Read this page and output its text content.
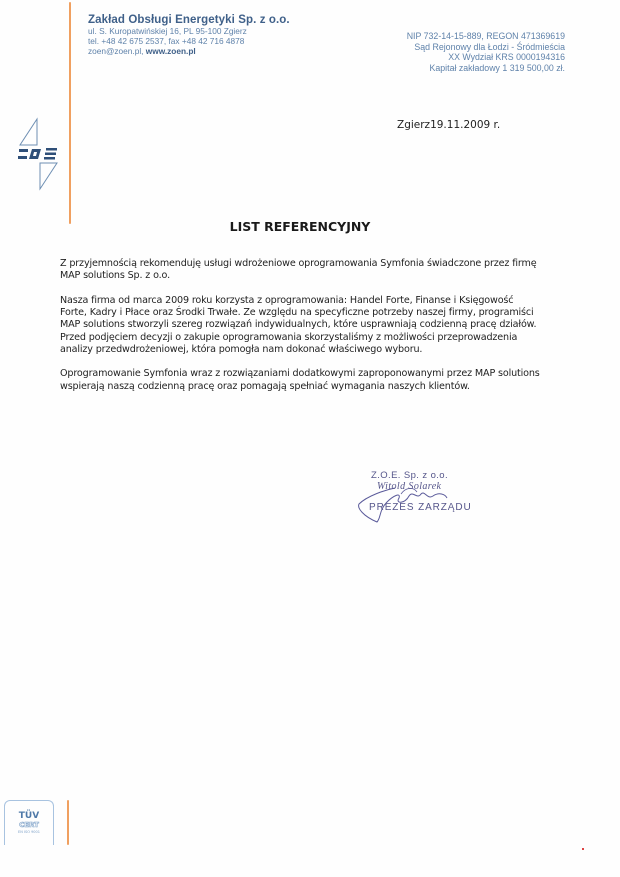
Zakład Obsługi Energetyki Sp. z o.o.
ul. S. Kuropatwińskiej 16, PL 95-100 Zgierz
tel. +48 42 675 2537, fax +48 42 716 4878
zoen@zoen.pl, www.zoen.pl
NIP 732-14-15-889, REGON 471369619
Sąd Rejonowy dla Łodzi - Śródmieścia
XX Wydział KRS 0000194316
Kapitał zakładowy 1 319 500,00 zł.
Zgierz19.11.2009 r.
LIST REFERENCYJNY

Z przyjemnością rekomenduję usługi wdrożeniowe oprogramowania Symfonia świadczone przez firmę
MAP solutions Sp. z o.o.

Nasza firma od marca 2009 roku korzysta z oprogramowania: Handel Forte, Finanse i Księgowość
Forte, Kadry i Płace oraz Środki Trwałe. Ze względu na specyficzne potrzeby naszej firmy, programiści
MAP solutions stworzyli szereg rozwiązań indywidualnych, które usprawniają codzienną pracę działów.
Przed podjęciem decyzji o zakupie oprogramowania skorzystaliśmy z możliwości przeprowadzenia
analizy przedwdrożeniowej, która pomogła nam dokonać właściwego wyboru.

Oprogramowanie Symfonia wraz z rozwiązaniami dodatkowymi zaproponowanymi przez MAP solutions
wspierają naszą codzienną pracę oraz pomagają spełniać wymagania naszych klientów.

Z.O.E. Sp. z o.o.
Witold Solarek
PREZES ZARZĄDU
TÜV
CERT
EN ISO 9001
